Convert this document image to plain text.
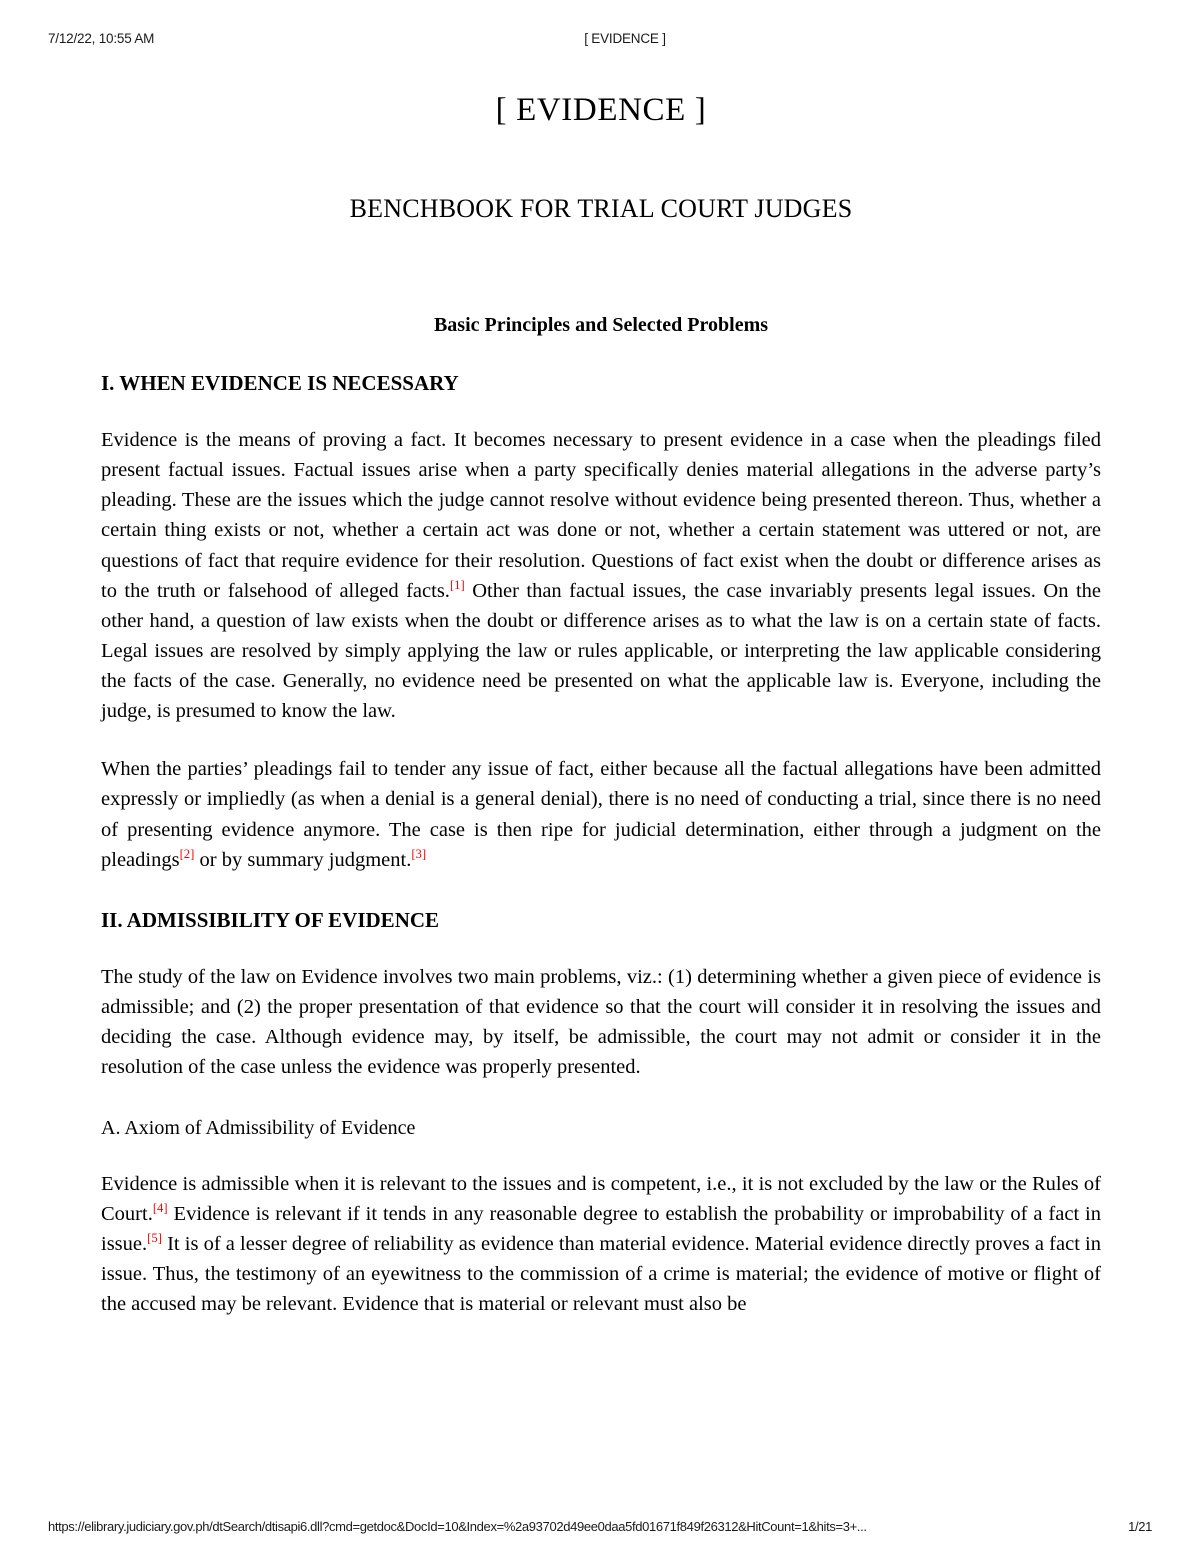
7/12/22, 10:55 AM	[ EVIDENCE ]
[ EVIDENCE ]
BENCHBOOK FOR TRIAL COURT JUDGES
Basic Principles and Selected Problems
I. WHEN EVIDENCE IS NECESSARY

Evidence is the means of proving a fact. It becomes necessary to present evidence in a case when the pleadings filed present factual issues. Factual issues arise when a party specifically denies material allegations in the adverse party’s pleading. These are the issues which the judge cannot resolve without evidence being presented thereon. Thus, whether a certain thing exists or not, whether a certain act was done or not, whether a certain statement was uttered or not, are questions of fact that require evidence for their resolution. Questions of fact exist when the doubt or difference arises as to the truth or falsehood of alleged facts.[1] Other than factual issues, the case invariably presents legal issues. On the other hand, a question of law exists when the doubt or difference arises as to what the law is on a certain state of facts. Legal issues are resolved by simply applying the law or rules applicable, or interpreting the law applicable considering the facts of the case. Generally, no evidence need be presented on what the applicable law is. Everyone, including the judge, is presumed to know the law.

When the parties’ pleadings fail to tender any issue of fact, either because all the factual allegations have been admitted expressly or impliedly (as when a denial is a general denial), there is no need of conducting a trial, since there is no need of presenting evidence anymore. The case is then ripe for judicial determination, either through a judgment on the pleadings[2] or by summary judgment.[3]

II. ADMISSIBILITY OF EVIDENCE

The study of the law on Evidence involves two main problems, viz.: (1) determining whether a given piece of evidence is admissible; and (2) the proper presentation of that evidence so that the court will consider it in resolving the issues and deciding the case. Although evidence may, by itself, be admissible, the court may not admit or consider it in the resolution of the case unless the evidence was properly presented.

A. Axiom of Admissibility of Evidence

Evidence is admissible when it is relevant to the issues and is competent, i.e., it is not excluded by the law or the Rules of Court.[4] Evidence is relevant if it tends in any reasonable degree to establish the probability or improbability of a fact in issue.[5] It is of a lesser degree of reliability as evidence than material evidence. Material evidence directly proves a fact in issue. Thus, the testimony of an eyewitness to the commission of a crime is material; the evidence of motive or flight of the accused may be relevant. Evidence that is material or relevant must also be

https://elibrary.judiciary.gov.ph/dtSearch/dtisapi6.dll?cmd=getdoc&DocId=10&Index=%2a93702d49ee0daa5fd01671f849f26312&HitCount=1&hits=3+...	1/21
